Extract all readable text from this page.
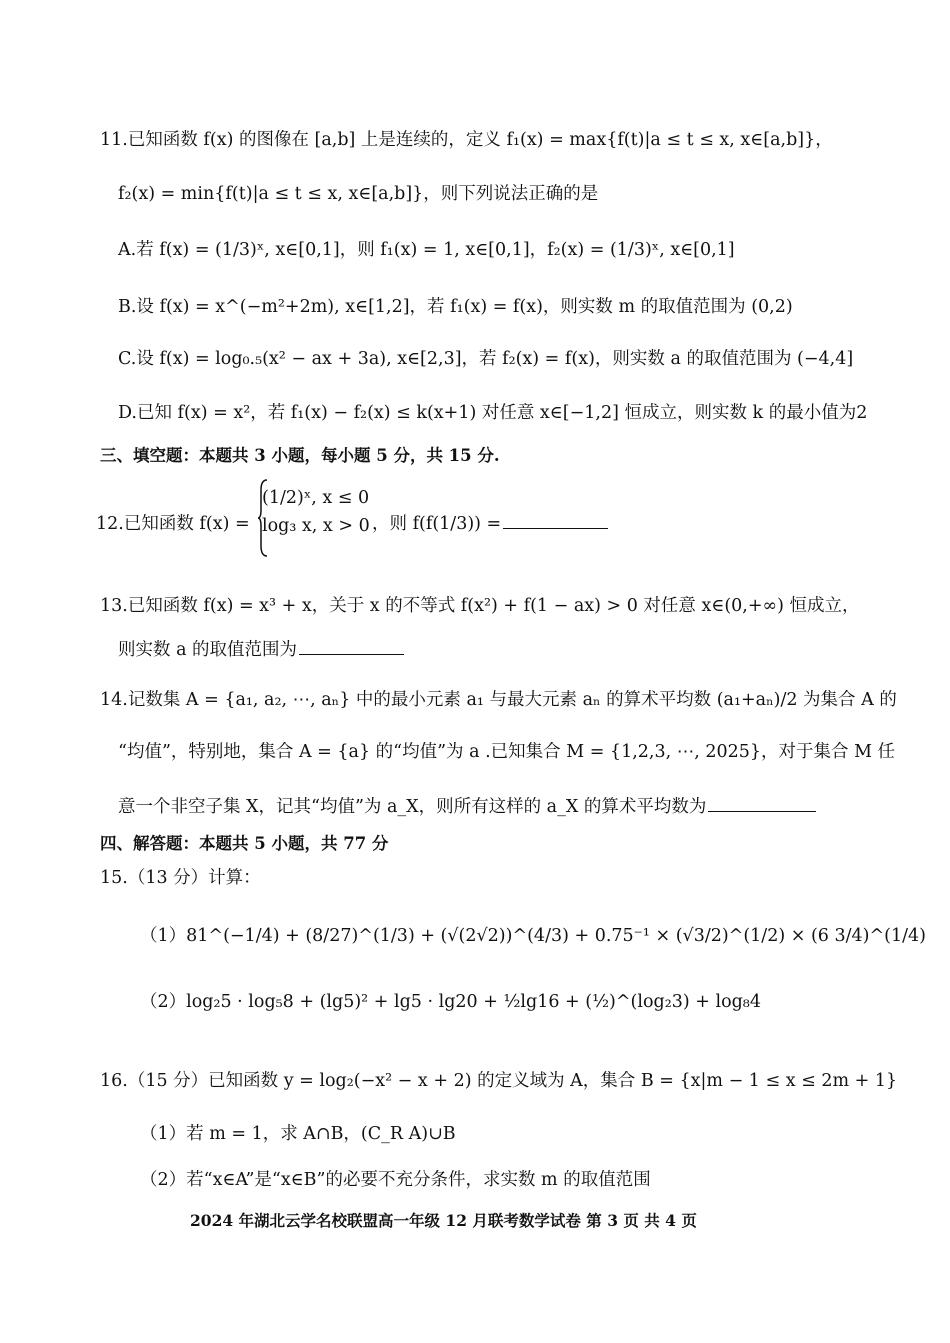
11.已知函数 f(x) 的图像在 [a,b] 上是连续的，定义 f₁(x) = max{f(t)|a ≤ t ≤ x, x∈[a,b]}，
f₂(x) = min{f(t)|a ≤ t ≤ x, x∈[a,b]}，则下列说法正确的是
A.若 f(x) = (1/3)ˣ, x∈[0,1]，则 f₁(x) = 1, x∈[0,1]，f₂(x) = (1/3)ˣ, x∈[0,1]
B.设 f(x) = x^(−m²+2m), x∈[1,2]，若 f₁(x) = f(x)，则实数 m 的取值范围为 (0,2)
C.设 f(x) = log₀.₅(x² − ax + 3a), x∈[2,3]，若 f₂(x) = f(x)，则实数 a 的取值范围为 (−4,4]
D.已知 f(x) = x²，若 f₁(x) − f₂(x) ≤ k(x+1) 对任意 x∈[−1,2] 恒成立，则实数 k 的最小值为2
三、填空题：本题共 3 小题，每小题 5 分，共 15 分.
12.已知函数 f(x) =
(1/2)ˣ, x ≤ 0
log₃ x, x > 0 ，则 f(f(1/3)) =
13.已知函数 f(x) = x³ + x，关于 x 的不等式 f(x²) + f(1 − ax) > 0 对任意 x∈(0,+∞) 恒成立，
则实数 a 的取值范围为
14.记数集 A = {a₁, a₂, ⋯, aₙ} 中的最小元素 a₁ 与最大元素 aₙ 的算术平均数 (a₁+aₙ)/2 为集合 A 的
“均值”，特别地，集合 A = {a} 的“均值”为 a .已知集合 M = {1,2,3, ⋯, 2025}，对于集合 M 任
意一个非空子集 X，记其“均值”为 a_X，则所有这样的 a_X 的算术平均数为
四、解答题：本题共 5 小题，共 77 分
15.（13 分）计算：
（1）81^(−1/4) + (8/27)^(1/3) + (√(2√2))^(4/3) + 0.75⁻¹ × (√3/2)^(1/2) × (6 3/4)^(1/4)
（2）log₂5 · log₅8 + (lg5)² + lg5 · lg20 + ½lg16 + (½)^(log₂3) + log₈4
16.（15 分）已知函数 y = log₂(−x² − x + 2) 的定义域为 A，集合 B = {x|m − 1 ≤ x ≤ 2m + 1}
（1）若 m = 1，求 A∩B，(C_R A)∪B
（2）若“x∈A”是“x∈B”的必要不充分条件，求实数 m 的取值范围
2024 年湖北云学名校联盟高一年级 12 月联考数学试卷 第 3 页 共 4 页
